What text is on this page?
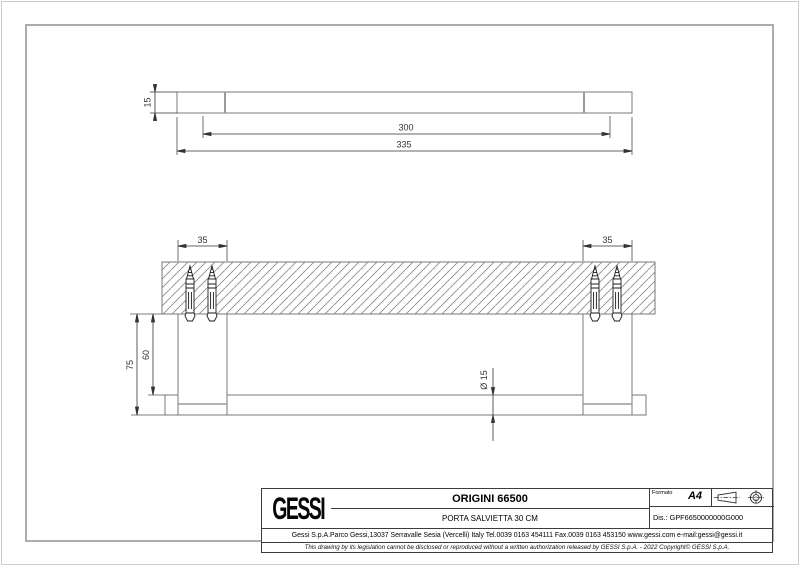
15
300
335
35	35
60
75
Ø 15
GESSI	ORIGINI 66500
PORTA SALVIETTA 30 CM
Formato A4
Dis.: GPF6650000000G000
Gessi S.p.A.Parco Gessi,13037 Serravalle Sesia (Vercelli) Italy Tel.0039 0163 454111 Fax.0039 0163 453150 www.gessi.com e-mail:gessi@gessi.it
This drawing by its legislation cannot be disclosed or reproduced without a written authorization released by GESSI S.p.A. - 2022 Copyright© GESSI S.p.A.
